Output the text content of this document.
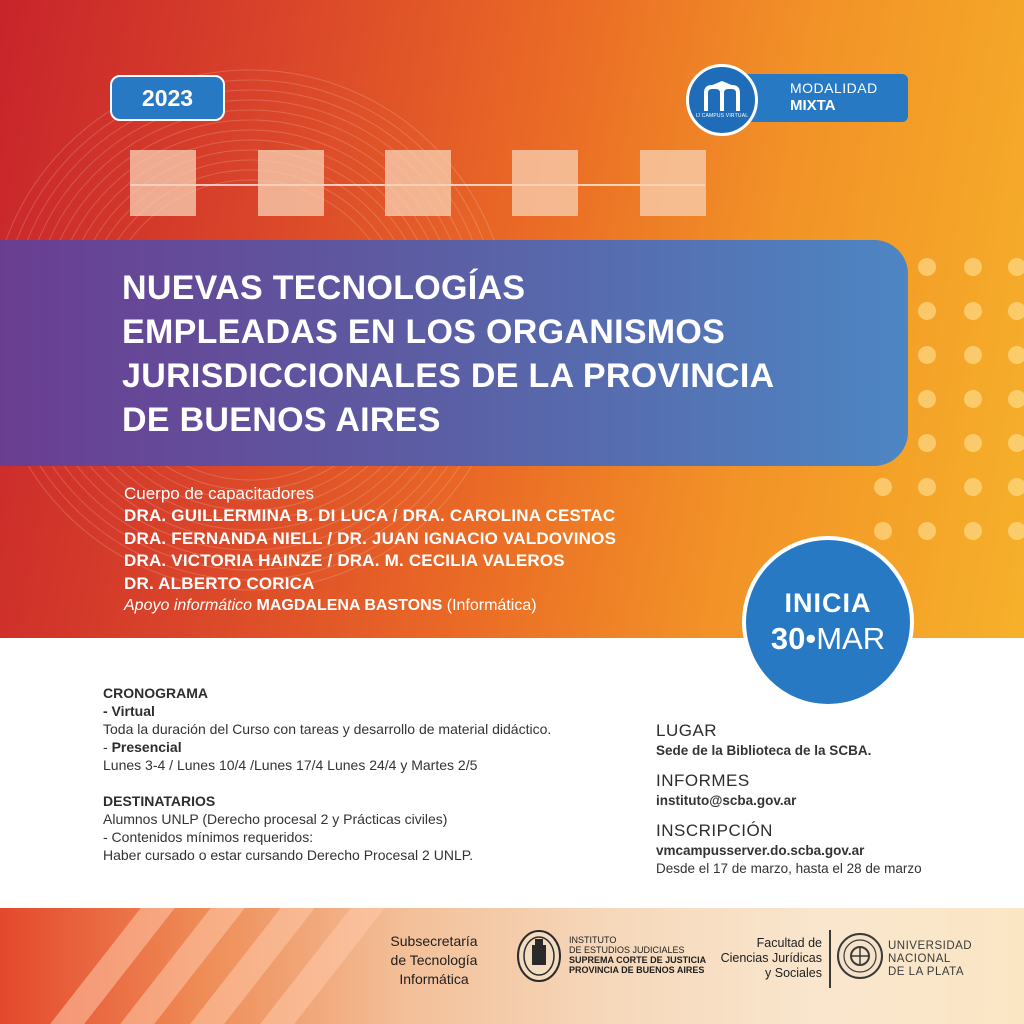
2023	MODALIDAD
MIXTA
IJ CAMPUS VIRTUAL
NUEVAS TECNOLOGÍAS
EMPLEADAS EN LOS ORGANISMOS
JURISDICCIONALES DE LA PROVINCIA
DE BUENOS AIRES
Cuerpo de capacitadores
DRA. GUILLERMINA B. DI LUCA / DRA. CAROLINA CESTAC
DRA. FERNANDA NIELL / DR. JUAN IGNACIO VALDOVINOS
DRA. VICTORIA HAINZE / DRA. M. CECILIA VALEROS
DR. ALBERTO CORICA
Apoyo informático MAGDALENA BASTONS (Informática)	INICIA
30•MAR
CRONOGRAMA
- Virtual
Toda la duración del Curso con tareas y desarrollo de material didáctico.
- Presencial
Lunes 3-4 / Lunes 10/4 /Lunes 17/4 Lunes 24/4 y Martes 2/5
DESTINATARIOS
Alumnos UNLP (Derecho procesal 2 y Prácticas civiles)
- Contenidos mínimos requeridos:
Haber cursado o estar cursando Derecho Procesal 2 UNLP.
LUGAR
Sede de la Biblioteca de la SCBA.
INFORMES
instituto@scba.gov.ar
INSCRIPCIÓN
vmcampusserver.do.scba.gov.ar
Desde el 17 de marzo, hasta el 28 de marzo
Subsecretaría
de Tecnología
Informática
INSTITUTO
DE ESTUDIOS JUDICIALES
SUPREMA CORTE DE JUSTICIA
PROVINCIA DE BUENOS AIRES
Facultad de
Ciencias Jurídicas
y Sociales
UNIVERSIDAD
NACIONAL
DE LA PLATA
